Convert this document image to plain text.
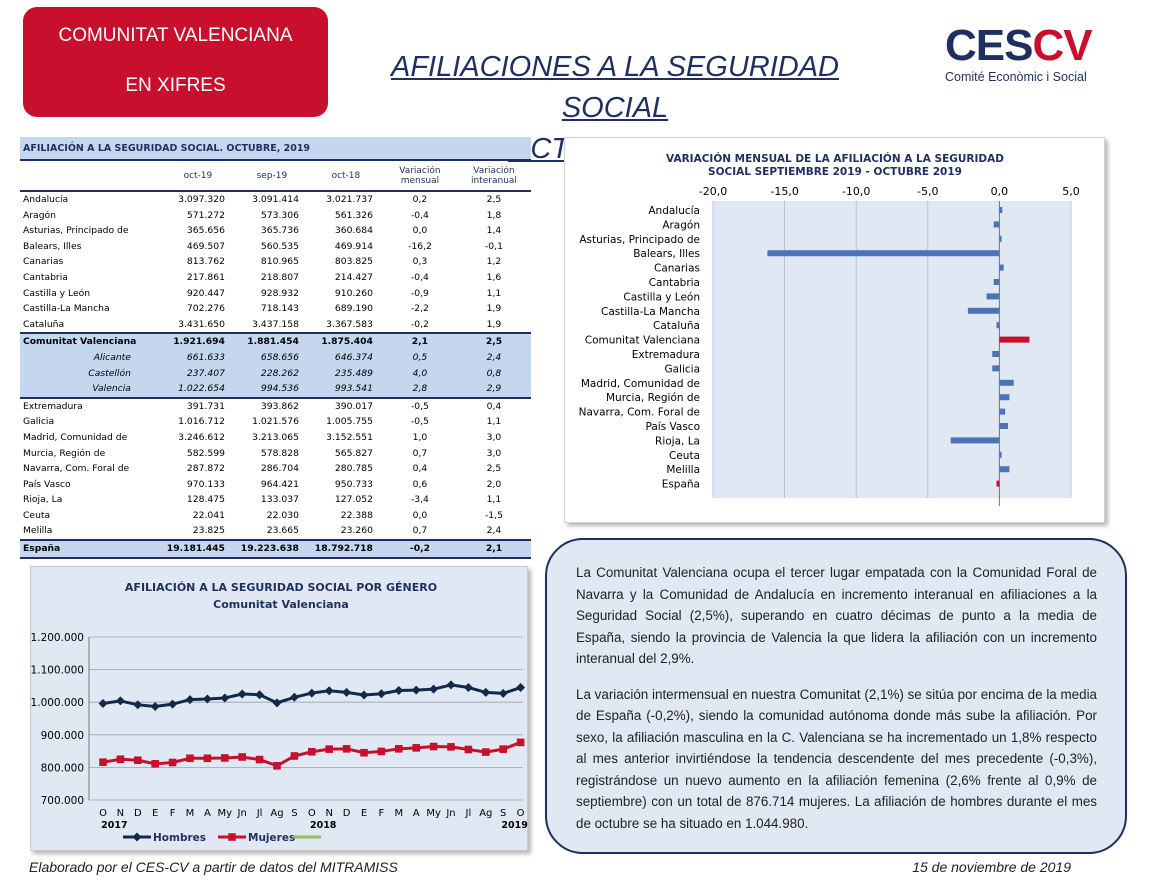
COMUNITAT VALENCIANA
EN XIFRES
AFILIACIONES A LA SEGURIDAD SOCIAL
CESCV
Comité Econòmic i Social
AFILIACIÓN A LA SEGURIDAD SOCIAL. OCTUBRE, 2019
	oct-19	sep-19	oct-18	Variación mensual	Variación interanual
Andalucía	3.097.320	3.091.414	3.021.737	0,2	2,5
Aragón	571.272	573.306	561.326	-0,4	1,8
Asturias, Principado de	365.656	365.736	360.684	0,0	1,4
Balears, Illes	469.507	560.535	469.914	-16,2	-0,1
Canarias	813.762	810.965	803.825	0,3	1,2
Cantabria	217.861	218.807	214.427	-0,4	1,6
Castilla y León	920.447	928.932	910.260	-0,9	1,1
Castilla-La Mancha	702.276	718.143	689.190	-2,2	1,9
Cataluña	3.431.650	3.437.158	3.367.583	-0,2	1,9
Comunitat Valenciana	1.921.694	1.881.454	1.875.404	2,1	2,5
Alicante	661.633	658.656	646.374	0,5	2,4
Castellón	237.407	228.262	235.489	4,0	0,8
Valencia	1.022.654	994.536	993.541	2,8	2,9
Extremadura	391.731	393.862	390.017	-0,5	0,4
Galicia	1.016.712	1.021.576	1.005.755	-0,5	1,1
Madrid, Comunidad de	3.246.612	3.213.065	3.152.551	1,0	3,0
Murcia, Región de	582.599	578.828	565.827	0,7	3,0
Navarra, Com. Foral de	287.872	286.704	280.785	0,4	2,5
País Vasco	970.133	964.421	950.733	0,6	2,0
Rioja, La	128.475	133.037	127.052	-3,4	1,1
Ceuta	22.041	22.030	22.388	0,0	-1,5
Melilla	23.825	23.665	23.260	0,7	2,4
España	19.181.445	19.223.638	18.792.718	-0,2	2,1
VARIACIÓN MENSUAL DE LA AFILIACIÓN A LA SEGURIDAD
SOCIAL SEPTIEMBRE 2019 - OCTUBRE 2019
Andalucía
Aragón
Asturias, Principado de
Balears, Illes
Canarias
Cantabria
Castilla y León
Castilla-La Mancha
Cataluña
Comunitat Valenciana
Extremadura
Galicia
Madrid, Comunidad de
Murcia, Región de
Navarra, Com. Foral de
País Vasco
Rioja, La
Ceuta
Melilla
España
-20,0	-15,0	-10,0	-5,0	0,0	5,0
AFILIACIÓN A LA SEGURIDAD SOCIAL POR GÉNERO
Comunitat Valenciana
O N D E F M A My Jn Jl Ag S O N D E F M A My Jn Jl Ag S O
2017	2018	2019
700.000
800.000
900.000
1.000.000
1.100.000
1.200.000
Hombres	Mujeres

La Comunitat Valenciana ocupa el tercer lugar empatada con la Comunidad Foral de Navarra y la Comunidad de Andalucía en incremento interanual en afiliaciones a la Seguridad Social (2,5%), superando en cuatro décimas de punto a la media de España, siendo la provincia de Valencia la que lidera la afiliación con un incremento interanual del 2,9%.

La variación intermensual en nuestra Comunitat (2,1%) se sitúa por encima de la media de España (-0,2%), siendo la comunidad autónoma donde más sube la afiliación. Por sexo, la afiliación masculina en la C. Valenciana se ha incrementado un 1,8% respecto al mes anterior invirtiéndose la tendencia descendente del mes precedente (-0,3%), registrándose un nuevo aumento en la afiliación femenina (2,6% frente al 0,9% de septiembre) con un total de 876.714 mujeres. La afiliación de hombres durante el mes de octubre se ha situado en 1.044.980.

Elaborado por el CES-CV a partir de datos del MITRAMISS	15 de noviembre de 2019
